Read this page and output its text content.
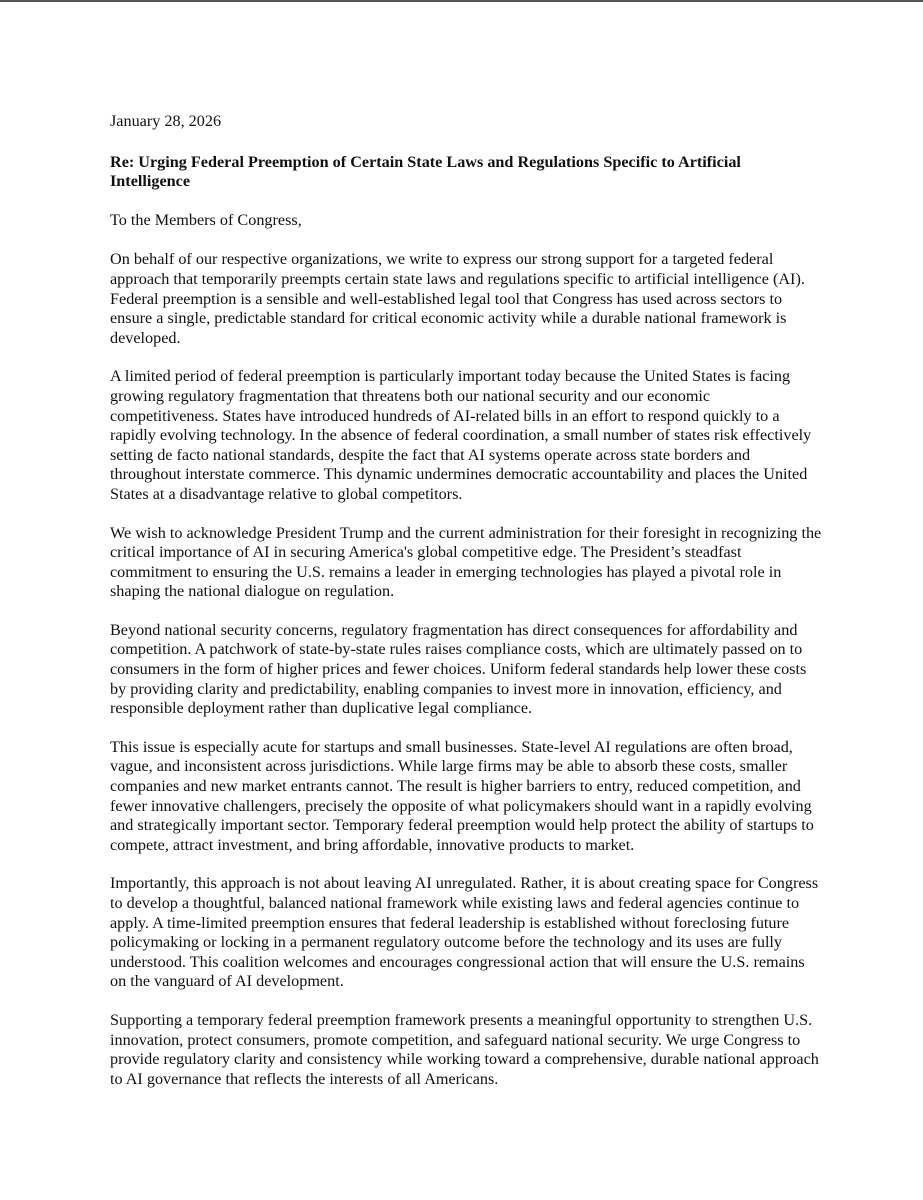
January 28, 2026

Re: Urging Federal Preemption of Certain State Laws and Regulations Specific to Artificial Intelligence

To the Members of Congress,

On behalf of our respective organizations, we write to express our strong support for a targeted federal approach that temporarily preempts certain state laws and regulations specific to artificial intelligence (AI). Federal preemption is a sensible and well-established legal tool that Congress has used across sectors to ensure a single, predictable standard for critical economic activity while a durable national framework is developed.

A limited period of federal preemption is particularly important today because the United States is facing growing regulatory fragmentation that threatens both our national security and our economic competitiveness. States have introduced hundreds of AI-related bills in an effort to respond quickly to a rapidly evolving technology. In the absence of federal coordination, a small number of states risk effectively setting de facto national standards, despite the fact that AI systems operate across state borders and throughout interstate commerce. This dynamic undermines democratic accountability and places the United States at a disadvantage relative to global competitors.

We wish to acknowledge President Trump and the current administration for their foresight in recognizing the critical importance of AI in securing America's global competitive edge. The President’s steadfast commitment to ensuring the U.S. remains a leader in emerging technologies has played a pivotal role in shaping the national dialogue on regulation.

Beyond national security concerns, regulatory fragmentation has direct consequences for affordability and competition. A patchwork of state-by-state rules raises compliance costs, which are ultimately passed on to consumers in the form of higher prices and fewer choices. Uniform federal standards help lower these costs by providing clarity and predictability, enabling companies to invest more in innovation, efficiency, and responsible deployment rather than duplicative legal compliance.

This issue is especially acute for startups and small businesses. State-level AI regulations are often broad, vague, and inconsistent across jurisdictions. While large firms may be able to absorb these costs, smaller companies and new market entrants cannot. The result is higher barriers to entry, reduced competition, and fewer innovative challengers, precisely the opposite of what policymakers should want in a rapidly evolving and strategically important sector. Temporary federal preemption would help protect the ability of startups to compete, attract investment, and bring affordable, innovative products to market.

Importantly, this approach is not about leaving AI unregulated. Rather, it is about creating space for Congress to develop a thoughtful, balanced national framework while existing laws and federal agencies continue to apply. A time-limited preemption ensures that federal leadership is established without foreclosing future policymaking or locking in a permanent regulatory outcome before the technology and its uses are fully understood. This coalition welcomes and encourages congressional action that will ensure the U.S. remains on the vanguard of AI development.

Supporting a temporary federal preemption framework presents a meaningful opportunity to strengthen U.S. innovation, protect consumers, promote competition, and safeguard national security. We urge Congress to provide regulatory clarity and consistency while working toward a comprehensive, durable national approach to AI governance that reflects the interests of all Americans.
